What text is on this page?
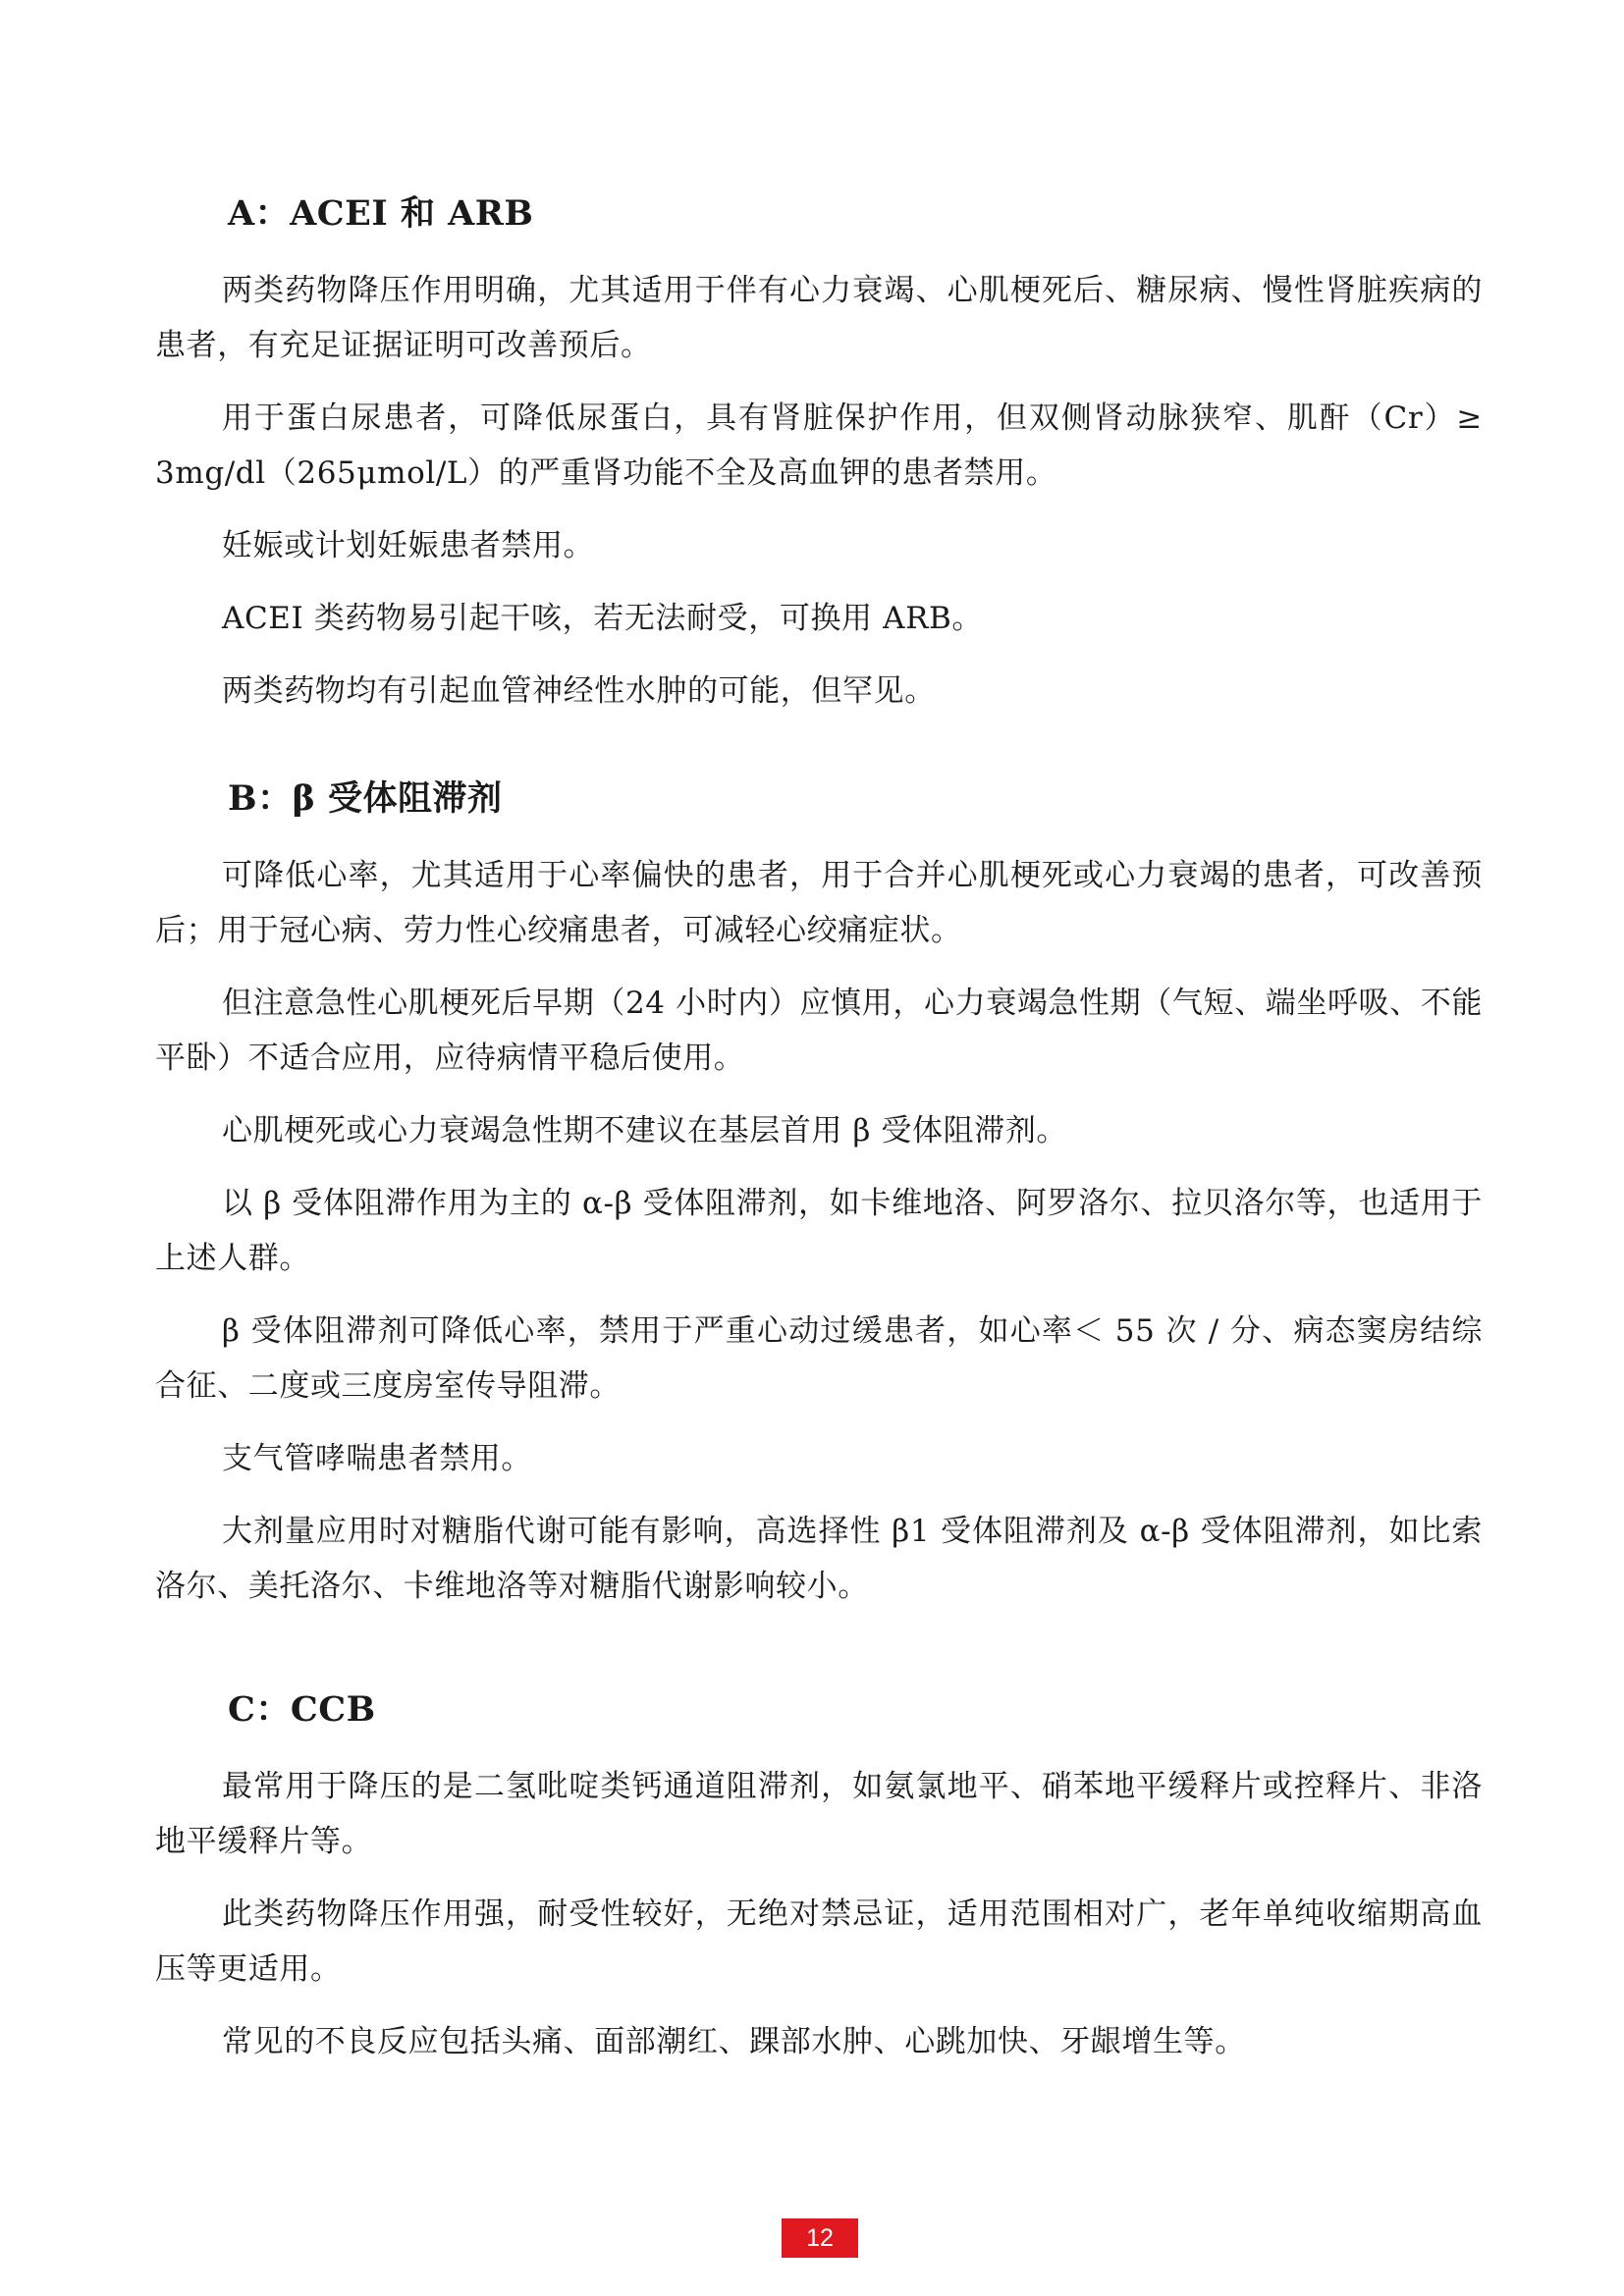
A：ACEI 和 ARB

两类药物降压作用明确，尤其适用于伴有心力衰竭、心肌梗死后、糖尿病、慢性肾脏疾病的患者，有充足证据证明可改善预后。

用于蛋白尿患者，可降低尿蛋白，具有肾脏保护作用，但双侧肾动脉狭窄、肌酐（Cr）≥ 3mg/dl（265μmol/L）的严重肾功能不全及高血钾的患者禁用。

妊娠或计划妊娠患者禁用。

ACEI 类药物易引起干咳，若无法耐受，可换用 ARB。

两类药物均有引起血管神经性水肿的可能，但罕见。

B：β 受体阻滞剂

可降低心率，尤其适用于心率偏快的患者，用于合并心肌梗死或心力衰竭的患者，可改善预后；用于冠心病、劳力性心绞痛患者，可减轻心绞痛症状。

但注意急性心肌梗死后早期（24 小时内）应慎用，心力衰竭急性期（气短、端坐呼吸、不能平卧）不适合应用，应待病情平稳后使用。

心肌梗死或心力衰竭急性期不建议在基层首用 β 受体阻滞剂。

以 β 受体阻滞作用为主的 α-β 受体阻滞剂，如卡维地洛、阿罗洛尔、拉贝洛尔等，也适用于上述人群。

β 受体阻滞剂可降低心率，禁用于严重心动过缓患者，如心率＜ 55 次 / 分、病态窦房结综合征、二度或三度房室传导阻滞。

支气管哮喘患者禁用。

大剂量应用时对糖脂代谢可能有影响，高选择性 β1 受体阻滞剂及 α-β 受体阻滞剂，如比索洛尔、美托洛尔、卡维地洛等对糖脂代谢影响较小。

C：CCB

最常用于降压的是二氢吡啶类钙通道阻滞剂，如氨氯地平、硝苯地平缓释片或控释片、非洛地平缓释片等。

此类药物降压作用强，耐受性较好，无绝对禁忌证，适用范围相对广，老年单纯收缩期高血压等更适用。

常见的不良反应包括头痛、面部潮红、踝部水肿、心跳加快、牙龈增生等。

12
